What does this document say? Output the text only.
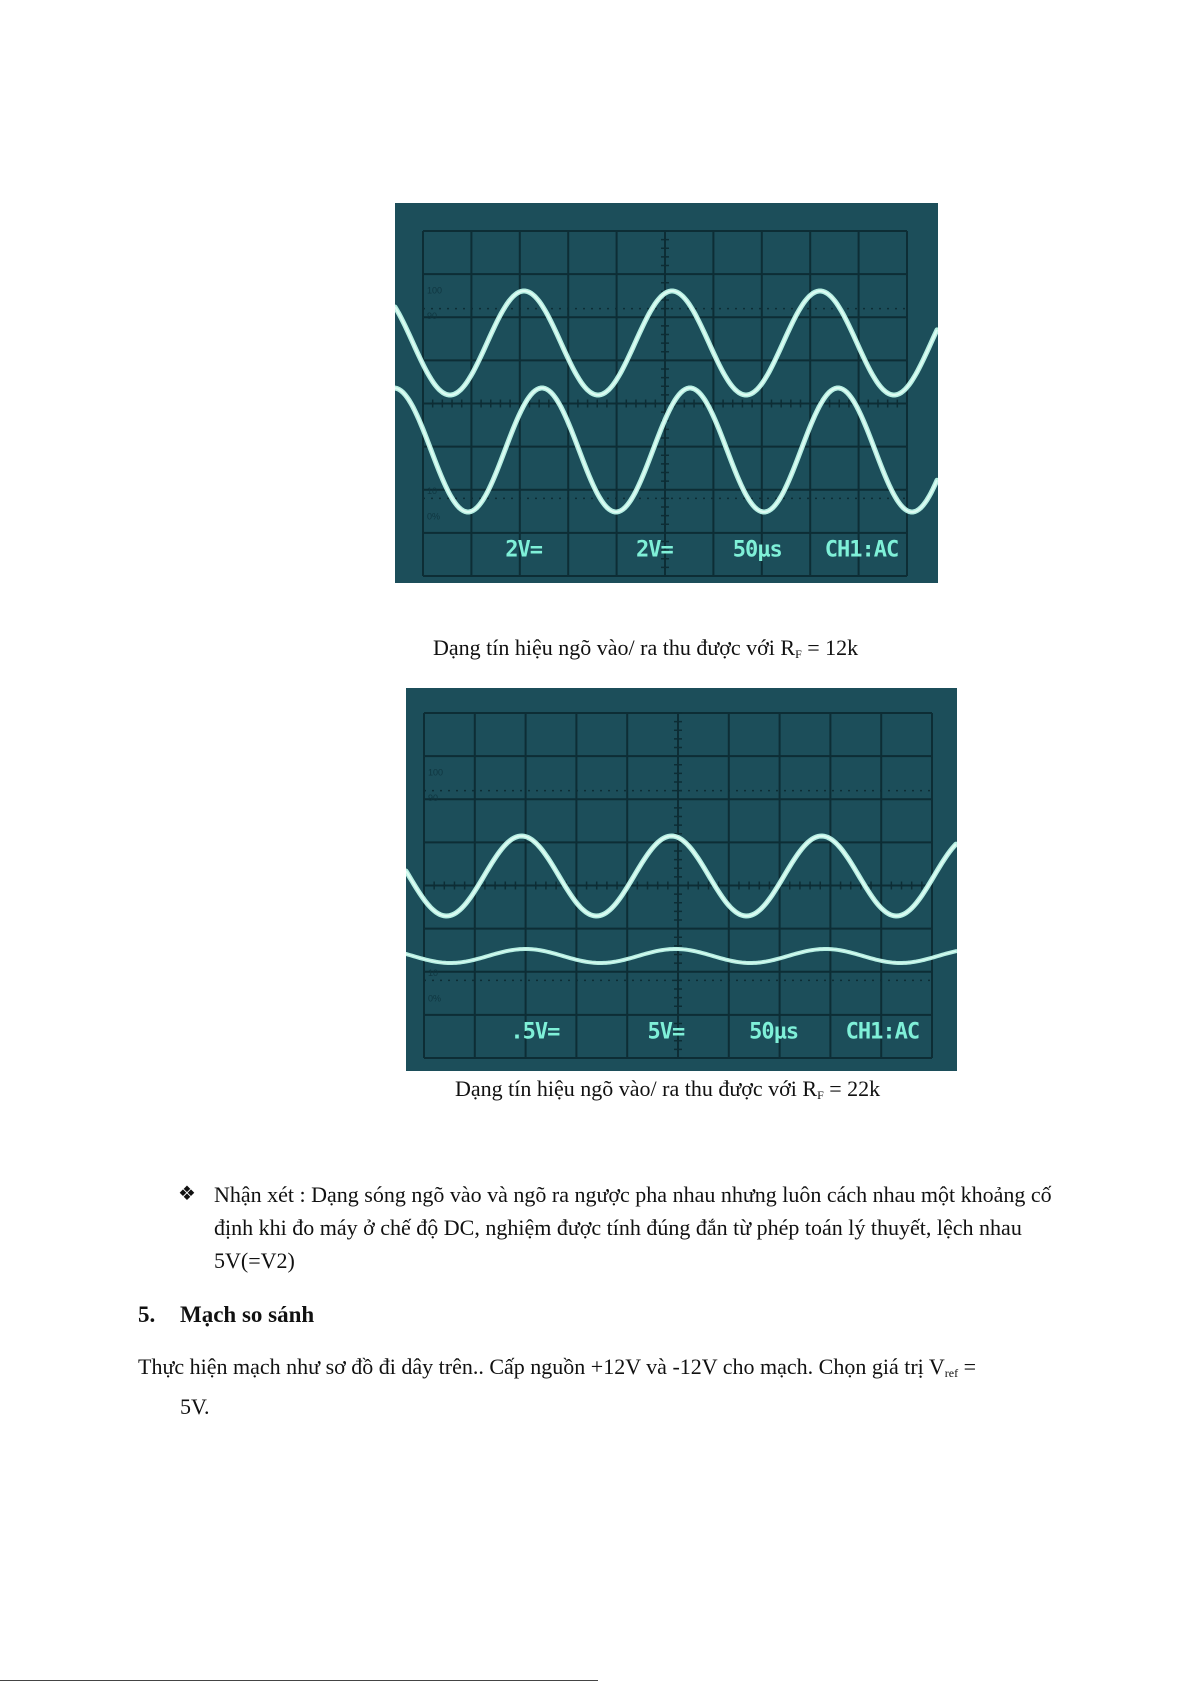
100
90
10
0%
2V=	2V=	50µs CH1:AC
Dạng tín hiệu ngõ vào/ ra thu được với $R_F = 12k$
100
90
10
0%
.5V=	5V=	50µs CH1:AC
Dạng tín hiệu ngõ vào/ ra thu được với $R_F = 22k$
❖ Nhận xét : Dạng sóng ngõ vào và ngõ ra ngược pha nhau nhưng luôn cách nhau một khoảng cố định khi đo máy ở chế độ DC, nghiệm được tính đúng đắn từ phép toán lý thuyết, lệch nhau 5V(=V2)
5. Mạch so sánh
Thực hiện mạch như sơ đồ đi dây trên.. Cấp nguồn +12V và -12V cho mạch. Chọn giá trị $V_{ref}$ =
5V.
